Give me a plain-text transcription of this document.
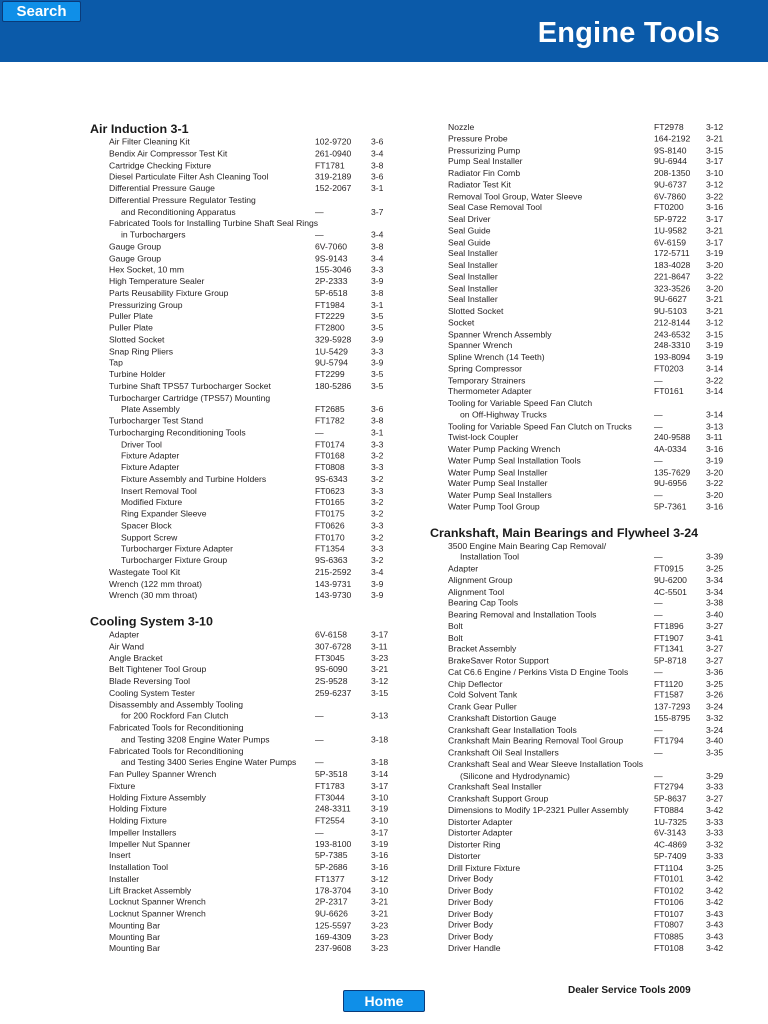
Search
Engine Tools
Air Induction 3-1
Air Filter Cleaning Kit	102-9720 3-6
Bendix Air Compressor Test Kit	261-0940 3-4
Cartridge Checking Fixture	FT1781	3-8
Diesel Particulate Filter Ash Cleaning Tool	319-2189 3-6
Differential Pressure Gauge	152-2067 3-1
Differential Pressure Regulator Testing
and Reconditioning Apparatus	—	3-7
Fabricated Tools for Installing Turbine Shaft Seal Rings
in Turbochargers	—	3-4
Gauge Group	6V-7060	3-8
Gauge Group	9S-9143	3-4
Hex Socket, 10 mm	155-3046 3-3
High Temperature Sealer	2P-2333	3-9
Parts Reusability Fixture Group	5P-6518	3-8
Pressurizing Group	FT1984	3-1
Puller Plate	FT2229	3-5
Puller Plate	FT2800	3-5
Slotted Socket	329-5928 3-9
Snap Ring Pliers	1U-5429	3-3
Tap	9U-5794	3-9
Turbine Holder	FT2299	3-5
Turbine Shaft TPS57 Turbocharger Socket	180-5286 3-5
Turbocharger Cartridge (TPS57) Mounting
Plate Assembly	FT2685	3-6
Turbocharger Test Stand	FT1782	3-8
Turbocharging Reconditioning Tools	—	3-1
Driver Tool	FT0174	3-3
Fixture Adapter	FT0168	3-2
Fixture Adapter	FT0808	3-3
Fixture Assembly and Turbine Holders	9S-6343	3-2
Insert Removal Tool	FT0623	3-3
Modified Fixture	FT0165	3-2
Ring Expander Sleeve	FT0175	3-2
Spacer Block	FT0626	3-3
Support Screw	FT0170	3-2
Turbocharger Fixture Adapter	FT1354	3-3
Turbocharger Fixture Group	9S-6363	3-2
Wastegate Tool Kit	215-2592 3-4
Wrench (122 mm throat)	143-9731 3-9
Wrench (30 mm throat)	143-9730 3-9
Cooling System 3-10
Adapter	6V-6158	3-17
Air Wand	307-6728 3-11
Angle Bracket	FT3045	3-23
Belt Tightener Tool Group	9S-6090	3-21
Blade Reversing Tool	2S-9528	3-12
Cooling System Tester	259-6237 3-15
Disassembly and Assembly Tooling
for 200 Rockford Fan Clutch	—	3-13
Fabricated Tools for Reconditioning
and Testing 3208 Engine Water Pumps	—	3-18
Fabricated Tools for Reconditioning
and Testing 3400 Series Engine Water Pumps —	3-18
Fan Pulley Spanner Wrench	5P-3518	3-14
Fixture	FT1783	3-17
Holding Fixture Assembly	FT3044	3-10
Holding Fixture	248-3311 3-19
Holding Fixture	FT2554	3-10
Impeller Installers	—	3-17
Impeller Nut Spanner	193-8100 3-19
Insert	5P-7385	3-16
Installation Tool	5P-2686	3-16
Installer	FT1377	3-12
Lift Bracket Assembly	178-3704 3-10
Locknut Spanner Wrench	2P-2317	3-21
Locknut Spanner Wrench	9U-6626	3-21
Mounting Bar	125-5597 3-23
Mounting Bar	169-4309 3-23
Mounting Bar	237-9608 3-23
Nozzle	FT2978	3-12
Pressure Probe	164-2192 3-21
Pressurizing Pump	9S-8140 3-15
Pump Seal Installer	9U-6944 3-17
Radiator Fin Comb	208-1350 3-10
Radiator Test Kit	9U-6737 3-12
Removal Tool Group, Water Sleeve	6V-7860 3-22
Seal Case Removal Tool	FT0200	3-16
Seal Driver	5P-9722 3-17
Seal Guide	1U-9582 3-21
Seal Guide	6V-6159 3-17
Seal Installer	172-5711 3-19
Seal Installer	183-4028 3-20
Seal Installer	221-8647 3-22
Seal Installer	323-3526 3-20
Seal Installer	9U-6627 3-21
Slotted Socket	9U-5103 3-21
Socket	212-8144 3-12
Spanner Wrench Assembly	243-6532 3-15
Spanner Wrench	248-3310 3-19
Spline Wrench (14 Teeth)	193-8094 3-19
Spring Compressor	FT0203	3-14
Temporary Strainers	—	3-22
Thermometer Adapter	FT0161	3-14
Tooling for Variable Speed Fan Clutch
on Off-Highway Trucks	—	3-14
Tooling for Variable Speed Fan Clutch on Trucks	—	3-13
Twist-lock Coupler	240-9588 3-11
Water Pump Packing Wrench	4A-0334 3-16
Water Pump Seal Installation Tools	—	3-19
Water Pump Seal Installer	135-7629 3-20
Water Pump Seal Installer	9U-6956 3-22
Water Pump Seal Installers	—	3-20
Water Pump Tool Group	5P-7361 3-16
Crankshaft, Main Bearings and Flywheel 3-24
3500 Engine Main Bearing Cap Removal/
Installation Tool	—	3-39
Adapter	FT0915	3-25
Alignment Group	9U-6200 3-34
Alignment Tool	4C-5501 3-34
Bearing Cap Tools	—	3-38
Bearing Removal and Installation Tools	—	3-40
Bolt	FT1896	3-27
Bolt	FT1907	3-41
Bracket Assembly	FT1341	3-27
BrakeSaver Rotor Support	5P-8718 3-27
Cat C6.6 Engine / Perkins Vista D Engine Tools	—	3-36
Chip Deflector	FT1120	3-25
Cold Solvent Tank	FT1587	3-26
Crank Gear Puller	137-7293 3-24
Crankshaft Distortion Gauge	155-8795 3-32
Crankshaft Gear Installation Tools	—	3-24
Crankshaft Main Bearing Removal Tool Group	FT1794	3-40
Crankshaft Oil Seal Installers	—	3-35
Crankshaft Seal and Wear Sleeve Installation Tools
(Silicone and Hydrodynamic)	—	3-29
Crankshaft Seal Installer	FT2794	3-33
Crankshaft Support Group	5P-8637 3-27
Dimensions to Modify 1P-2321 Puller Assembly	FT0884	3-42
Distorter Adapter	1U-7325 3-33
Distorter Adapter	6V-3143 3-33
Distorter Ring	4C-4869 3-32
Distorter	5P-7409 3-33
Drill Fixture Fixture	FT1104	3-25
Driver Body	FT0101	3-42
Driver Body	FT0102	3-42
Driver Body	FT0106	3-42
Driver Body	FT0107	3-43
Driver Body	FT0807	3-43
Driver Body	FT0885	3-43
Driver Handle	FT0108	3-42
Dealer Service Tools 2009
Home
